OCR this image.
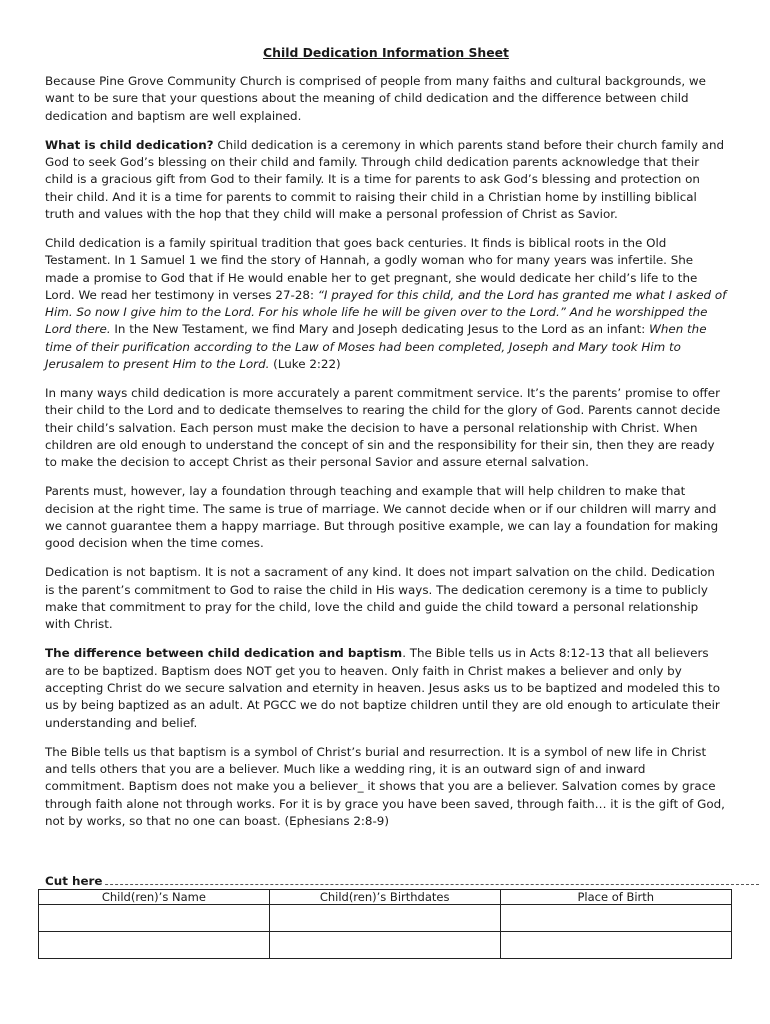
Child Dedication Information Sheet

Because Pine Grove Community Church is comprised of people from many faiths and cultural backgrounds, we want to be sure that your questions about the meaning of child dedication and the difference between child dedication and baptism are well explained.

What is child dedication? Child dedication is a ceremony in which parents stand before their church family and God to seek God’s blessing on their child and family. Through child dedication parents acknowledge that their child is a gracious gift from God to their family. It is a time for parents to ask God’s blessing and protection on their child. And it is a time for parents to commit to raising their child in a Christian home by instilling biblical truth and values with the hop that they child will make a personal profession of Christ as Savior.

Child dedication is a family spiritual tradition that goes back centuries. It finds is biblical roots in the Old Testament. In 1 Samuel 1 we find the story of Hannah, a godly woman who for many years was infertile. She made a promise to God that if He would enable her to get pregnant, she would dedicate her child’s life to the Lord. We read her testimony in verses 27-28: “I prayed for this child, and the Lord has granted me what I asked of Him. So now I give him to the Lord. For his whole life he will be given over to the Lord.” And he worshipped the Lord there. In the New Testament, we find Mary and Joseph dedicating Jesus to the Lord as an infant: When the time of their purification according to the Law of Moses had been completed, Joseph and Mary took Him to Jerusalem to present Him to the Lord. (Luke 2:22)

In many ways child dedication is more accurately a parent commitment service. It’s the parents’ promise to offer their child to the Lord and to dedicate themselves to rearing the child for the glory of God. Parents cannot decide their child’s salvation. Each person must make the decision to have a personal relationship with Christ. When children are old enough to understand the concept of sin and the responsibility for their sin, then they are ready to make the decision to accept Christ as their personal Savior and assure eternal salvation.

Parents must, however, lay a foundation through teaching and example that will help children to make that decision at the right time. The same is true of marriage. We cannot decide when or if our children will marry and we cannot guarantee them a happy marriage. But through positive example, we can lay a foundation for making good decision when the time comes.

Dedication is not baptism. It is not a sacrament of any kind. It does not impart salvation on the child. Dedication is the parent’s commitment to God to raise the child in His ways. The dedication ceremony is a time to publicly make that commitment to pray for the child, love the child and guide the child toward a personal relationship with Christ.

The difference between child dedication and baptism. The Bible tells us in Acts 8:12-13 that all believers are to be baptized. Baptism does NOT get you to heaven. Only faith in Christ makes a believer and only by accepting Christ do we secure salvation and eternity in heaven. Jesus asks us to be baptized and modeled this to us by being baptized as an adult. At PGCC we do not baptize children until they are old enough to articulate their understanding and belief.

The Bible tells us that baptism is a symbol of Christ’s burial and resurrection. It is a symbol of new life in Christ and tells others that you are a believer. Much like a wedding ring, it is an outward sign of and inward commitment. Baptism does not make you a believer_ it shows that you are a believer. Salvation comes by grace through faith alone not through works. For it is by grace you have been saved, through faith… it is the gift of God, not by works, so that no one can boast. (Ephesians 2:8-9)

Cut here
Child(ren)’s Name	Child(ren)’s Birthdates	Place of Birth
